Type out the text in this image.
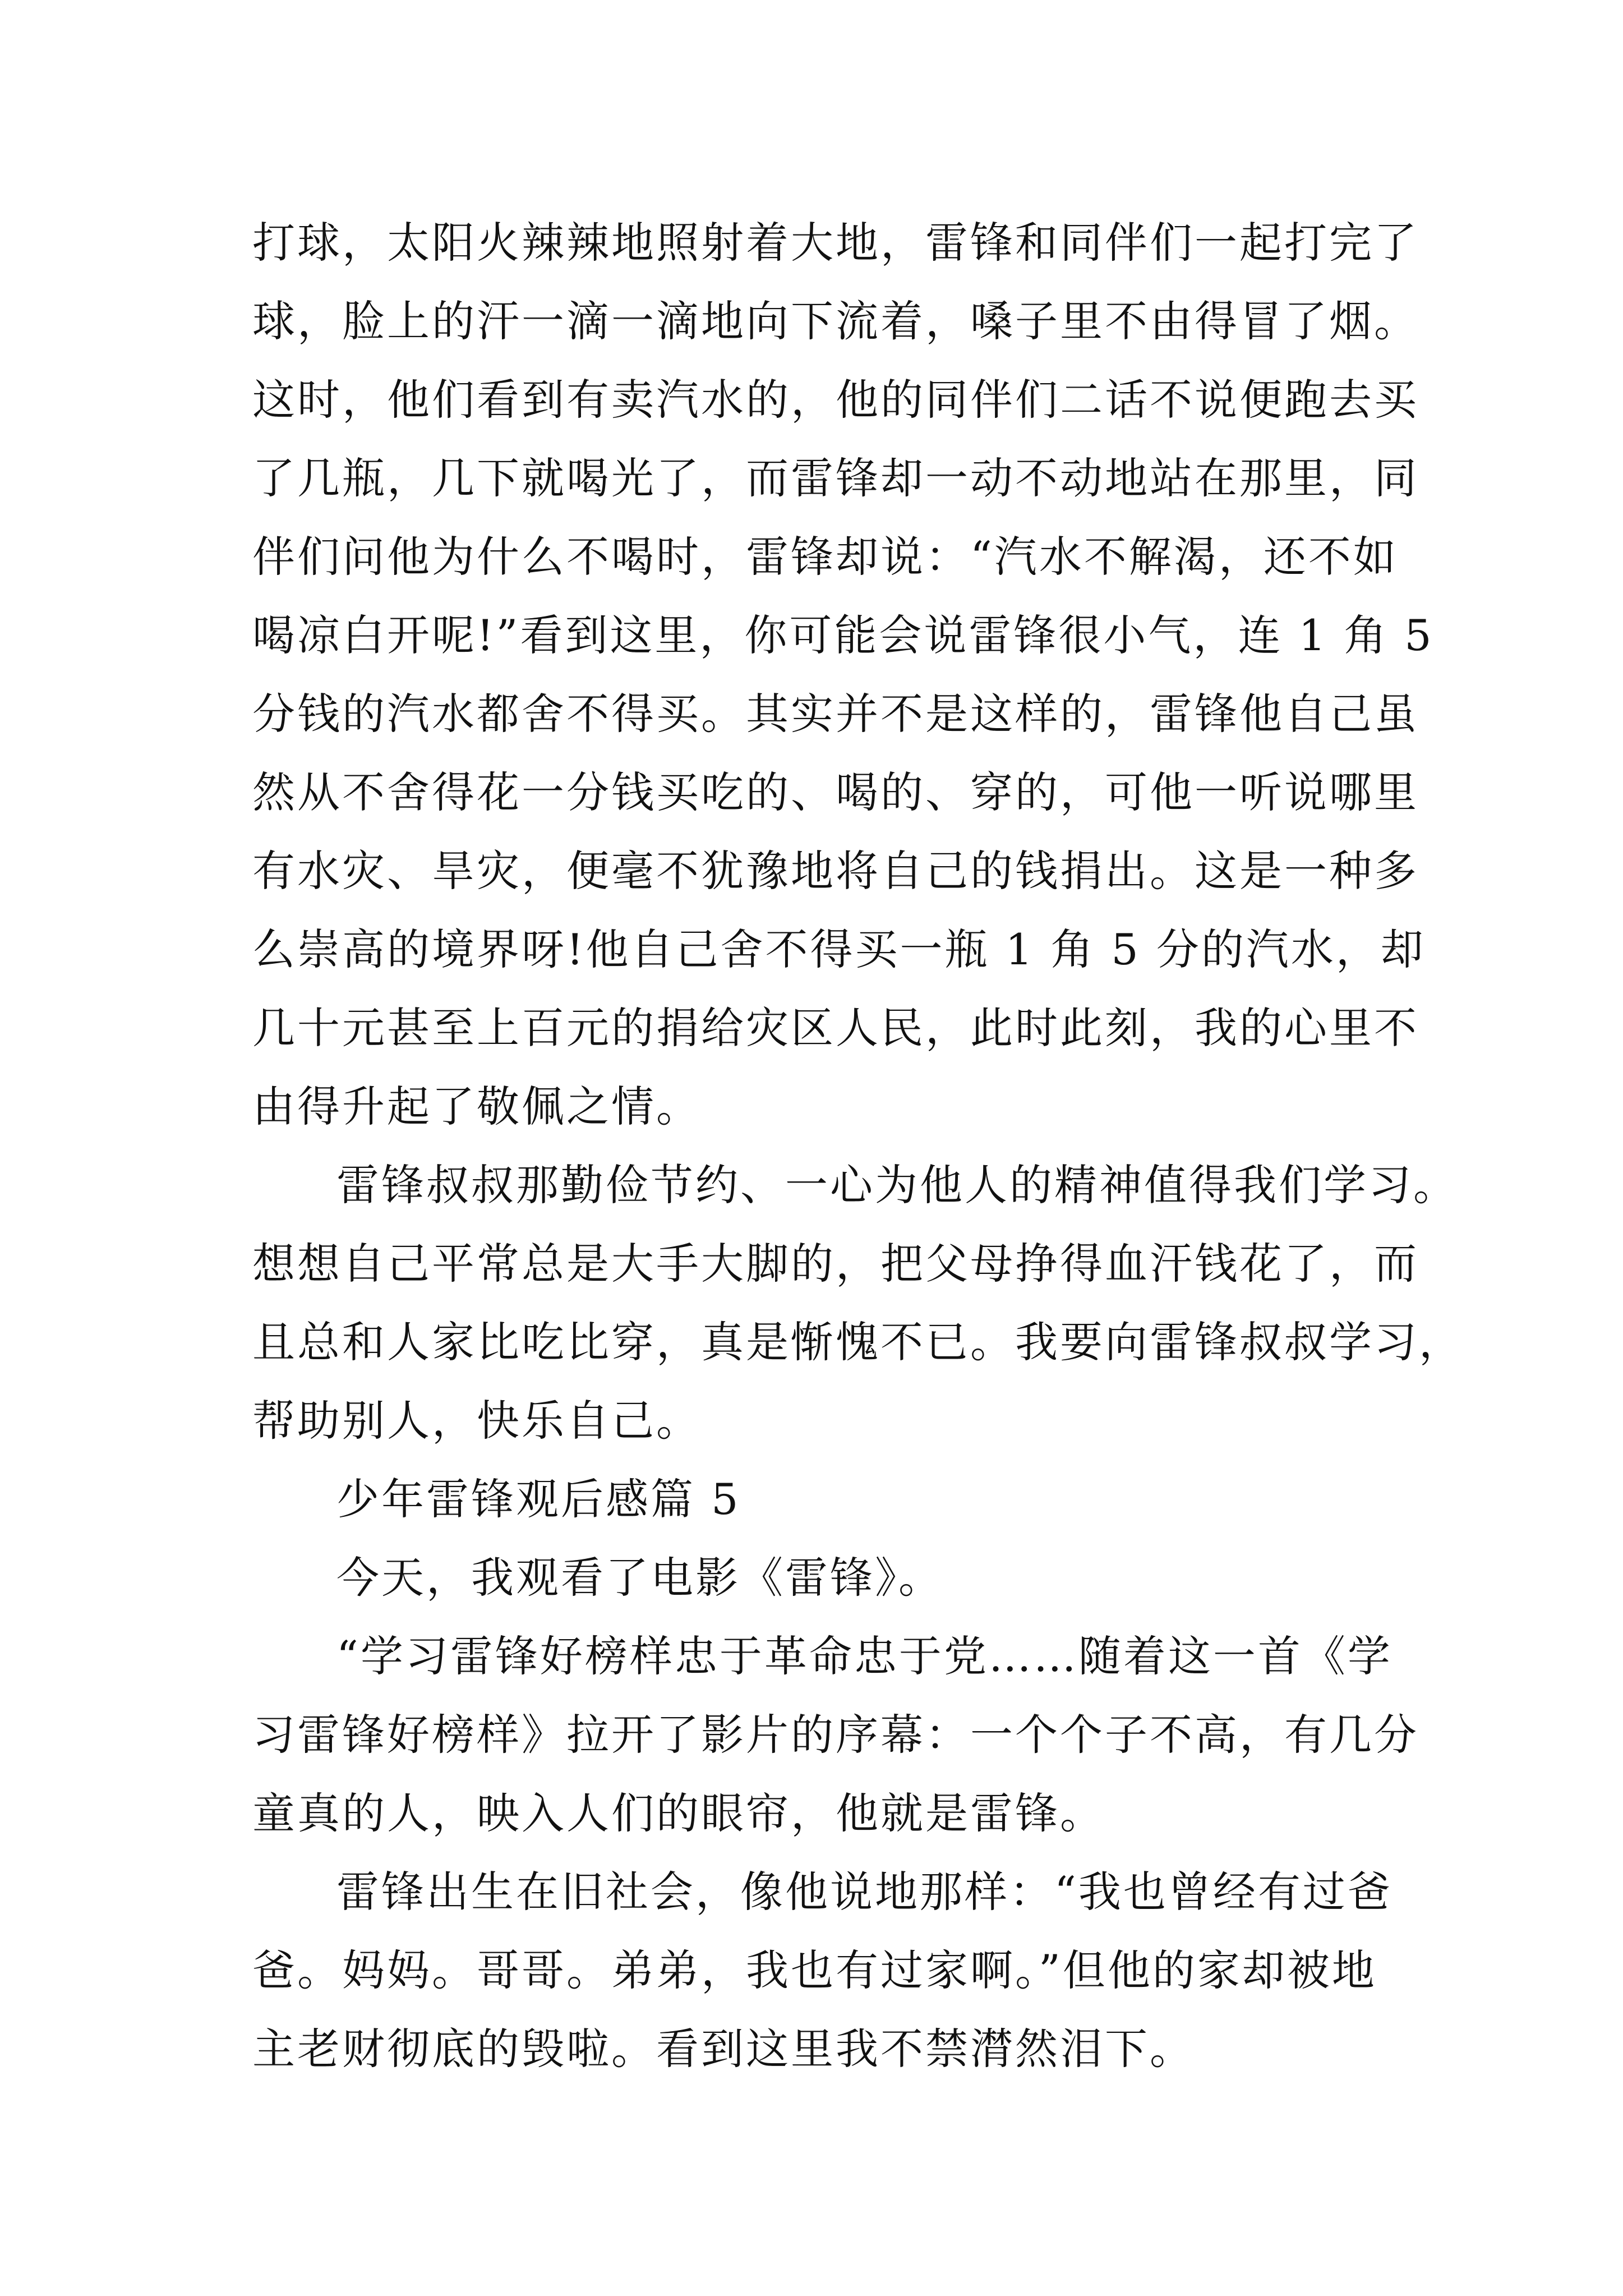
打球，太阳火辣辣地照射着大地，雷锋和同伴们一起打完了
球，脸上的汗一滴一滴地向下流着，嗓子里不由得冒了烟。
这时，他们看到有卖汽水的，他的同伴们二话不说便跑去买
了几瓶，几下就喝光了，而雷锋却一动不动地站在那里，同
伴们问他为什么不喝时，雷锋却说：“汽水不解渴，还不如
喝凉白开呢!”看到这里，你可能会说雷锋很小气，连 1 角 5
分钱的汽水都舍不得买。其实并不是这样的，雷锋他自己虽
然从不舍得花一分钱买吃的、喝的、穿的，可他一听说哪里
有水灾、旱灾，便毫不犹豫地将自己的钱捐出。这是一种多
么崇高的境界呀!他自己舍不得买一瓶 1 角 5 分的汽水，却
几十元甚至上百元的捐给灾区人民，此时此刻，我的心里不
由得升起了敬佩之情。
雷锋叔叔那勤俭节约、一心为他人的精神值得我们学习。
想想自己平常总是大手大脚的，把父母挣得血汗钱花了，而
且总和人家比吃比穿，真是惭愧不已。我要向雷锋叔叔学习，
帮助别人，快乐自己。
少年雷锋观后感篇 5
今天，我观看了电影《雷锋》。
“学习雷锋好榜样忠于革命忠于党……随着这一首《学
习雷锋好榜样》拉开了影片的序幕：一个个子不高，有几分
童真的人，映入人们的眼帘，他就是雷锋。
雷锋出生在旧社会，像他说地那样：“我也曾经有过爸
爸。妈妈。哥哥。弟弟，我也有过家啊。”但他的家却被地
主老财彻底的毁啦。看到这里我不禁潸然泪下。
